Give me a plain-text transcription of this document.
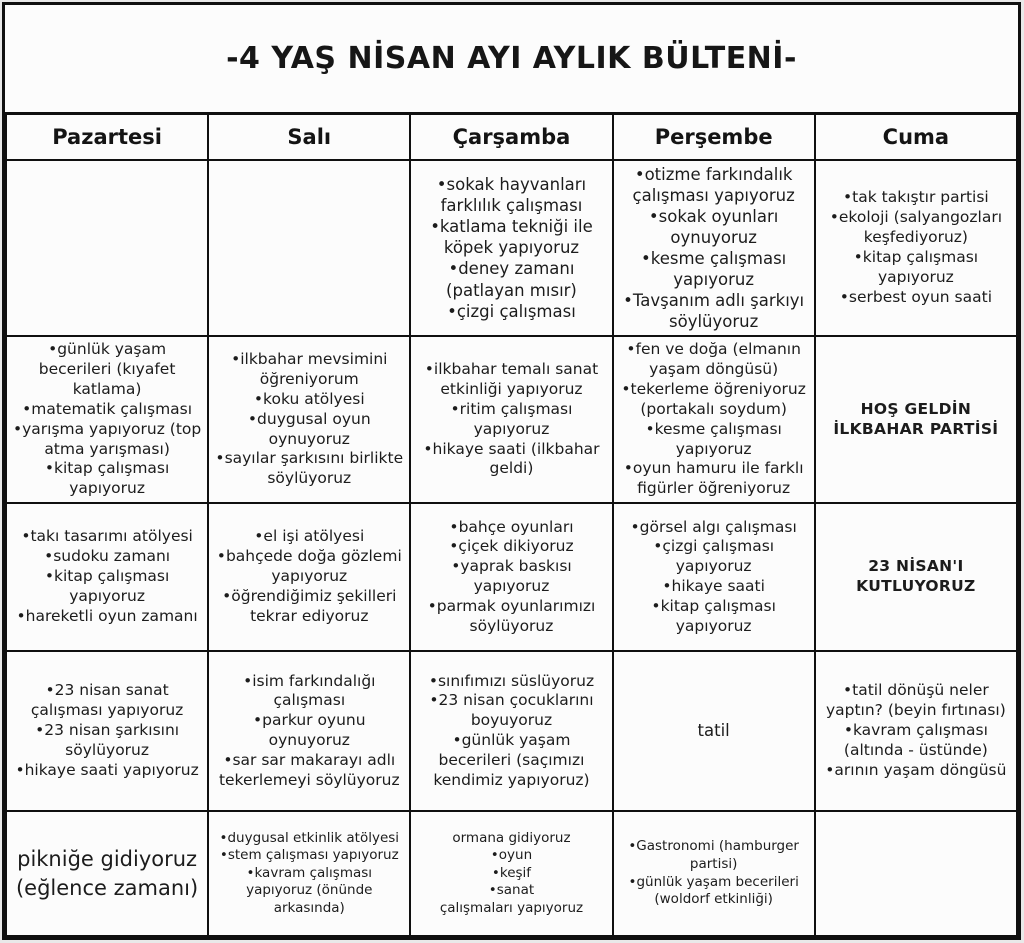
-4 YAŞ NİSAN AYI AYLIK BÜLTENİ-
Pazartesi	Salı	Çarşamba	Perşembe	Cuma

		•sokak hayvanları farklılık çalışması
•katlama tekniği ile köpek yapıyoruz
•deney zamanı (patlayan mısır)
•çizgi çalışması	•otizme farkındalık çalışması yapıyoruz
•sokak oyunları oynuyoruz
•kesme çalışması yapıyoruz
•Tavşanım adlı şarkıyı söylüyoruz	•tak takıştır partisi
•ekoloji (salyangozları keşfediyoruz)
•kitap çalışması yapıyoruz
•serbest oyun saati

•günlük yaşam becerileri (kıyafet katlama)
•matematik çalışması
•yarışma yapıyoruz (top atma yarışması)
•kitap çalışması yapıyoruz	•ilkbahar mevsimini öğreniyorum
•koku atölyesi
•duygusal oyun oynuyoruz
•sayılar şarkısını birlikte söylüyoruz	•ilkbahar temalı sanat etkinliği yapıyoruz
•ritim çalışması yapıyoruz
•hikaye saati (ilkbahar geldi)	•fen ve doğa (elmanın yaşam döngüsü)
•tekerleme öğreniyoruz (portakalı soydum)
•kesme çalışması yapıyoruz
•oyun hamuru ile farklı figürler öğreniyoruz	HOŞ GELDİN
İLKBAHAR PARTİSİ

•takı tasarımı atölyesi
•sudoku zamanı
•kitap çalışması yapıyoruz
•hareketli oyun zamanı	•el işi atölyesi
•bahçede doğa gözlemi yapıyoruz
•öğrendiğimiz şekilleri tekrar ediyoruz	•bahçe oyunları
•çiçek dikiyoruz
•yaprak baskısı yapıyoruz
•parmak oyunlarımızı söylüyoruz	•görsel algı çalışması
•çizgi çalışması yapıyoruz
•hikaye saati
•kitap çalışması yapıyoruz	23 NİSAN'I
KUTLUYORUZ

•23 nisan sanat çalışması yapıyoruz
•23 nisan şarkısını söylüyoruz
•hikaye saati yapıyoruz	•isim farkındalığı çalışması
•parkur oyunu oynuyoruz
•sar sar makarayı adlı tekerlemeyi söylüyoruz	•sınıfımızı süslüyoruz
•23 nisan çocuklarını boyuyoruz
•günlük yaşam becerileri (saçımızı kendimiz yapıyoruz)	tatil	•tatil dönüşü neler yaptın? (beyin fırtınası)
•kavram çalışması (altında - üstünde)
•arının yaşam döngüsü

pikniğe gidiyoruz
(eğlence zamanı)	•duygusal etkinlik atölyesi
•stem çalışması yapıyoruz
•kavram çalışması yapıyoruz (önünde arkasında)	ormana gidiyoruz
•oyun
•keşif
•sanat
çalışmaları yapıyoruz	•Gastronomi (hamburger partisi)
•günlük yaşam becerileri (woldorf etkinliği)	
